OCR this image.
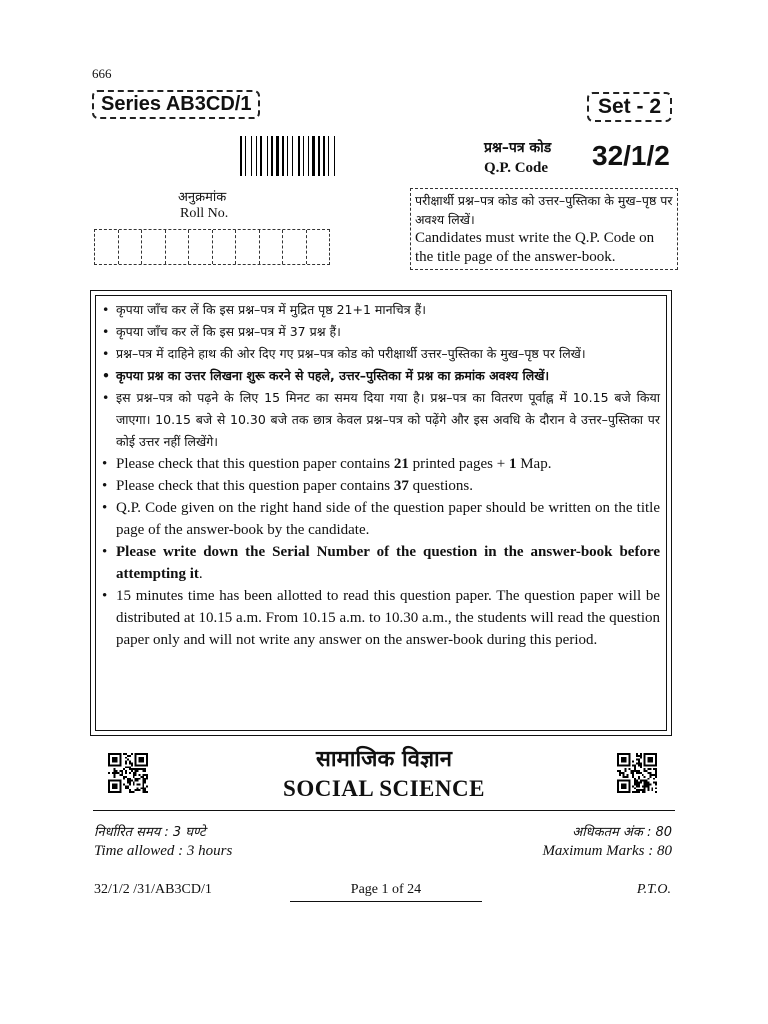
666
Series AB3CD/1	Set - 2
प्रश्न–पत्र कोड
Q.P. Code 32/1/2
अनुक्रमांक
Roll No.
परीक्षार्थी प्रश्न–पत्र कोड को उत्तर–पुस्तिका के मुख–पृष्ठ पर अवश्य लिखें।
Candidates must write the Q.P. Code on the title page of the answer-book.
• कृपया जाँच कर लें कि इस प्रश्न–पत्र में मुद्रित पृष्ठ 21+1 मानचित्र हैं।
• कृपया जाँच कर लें कि इस प्रश्न–पत्र में 37 प्रश्न हैं।
• प्रश्न–पत्र में दाहिने हाथ की ओर दिए गए प्रश्न–पत्र कोड को परीक्षार्थी उत्तर–पुस्तिका के मुख–पृष्ठ पर लिखें।
• कृपया प्रश्न का उत्तर लिखना शुरू करने से पहले, उत्तर–पुस्तिका में प्रश्न का क्रमांक अवश्य लिखें।
• इस प्रश्न–पत्र को पढ़ने के लिए 15 मिनट का समय दिया गया है। प्रश्न–पत्र का वितरण पूर्वाह्न में 10.15 बजे किया जाएगा। 10.15 बजे से 10.30 बजे तक छात्र केवल प्रश्न–पत्र को पढ़ेंगे और इस अवधि के दौरान वे उत्तर–पुस्तिका पर कोई उत्तर नहीं लिखेंगे।
• Please check that this question paper contains 21 printed pages + 1 Map.
• Please check that this question paper contains 37 questions.
• Q.P. Code given on the right hand side of the question paper should be written on the title page of the answer-book by the candidate.
• Please write down the Serial Number of the question in the answer-book before attempting it.
• 15 minutes time has been allotted to read this question paper. The question paper will be distributed at 10.15 a.m. From 10.15 a.m. to 10.30 a.m., the students will read the question paper only and will not write any answer on the answer-book during this period.
सामाजिक विज्ञान
SOCIAL SCIENCE
निर्धारित समय : 3 घण्टे
Time allowed : 3 hours
अधिकतम अंक : 80
Maximum Marks : 80
32/1/2 /31/AB3CD/1	Page 1 of 24	P.T.O.
